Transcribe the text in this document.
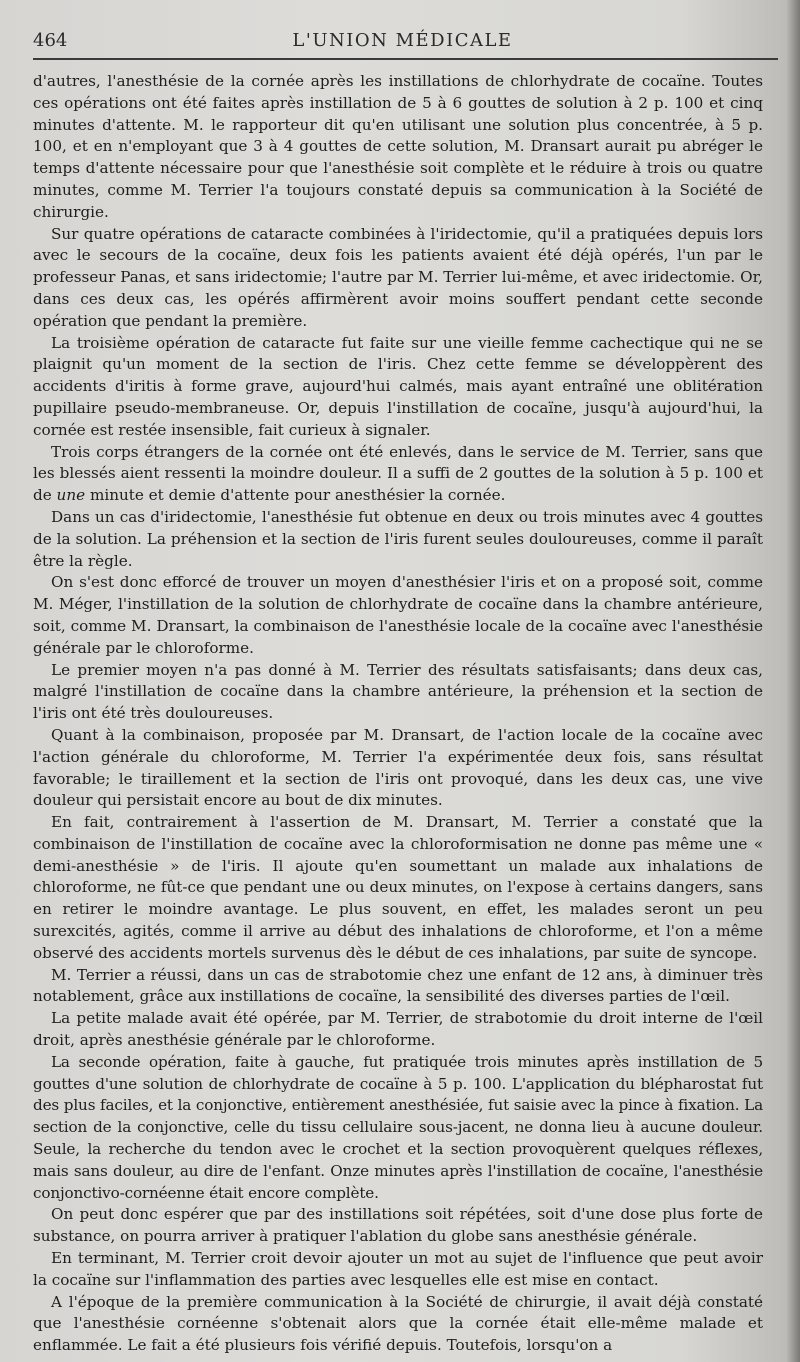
464	L'UNION MÉDICALE

d'autres, l'anesthésie de la cornée après les instillations de chlorhydrate de cocaïne. Toutes ces opérations ont été faites après instillation de 5 à 6 gouttes de solution à 2 p. 100 et cinq minutes d'attente. M. le rapporteur dit qu'en utilisant une solution plus concentrée, à 5 p. 100, et en n'employant que 3 à 4 gouttes de cette solution, M. Dransart aurait pu abréger le temps d'attente nécessaire pour que l'anesthésie soit complète et le réduire à trois ou quatre minutes, comme M. Terrier l'a toujours constaté depuis sa communication à la Société de chirurgie.

Sur quatre opérations de cataracte combinées à l'iridectomie, qu'il a pratiquées depuis lors avec le secours de la cocaïne, deux fois les patients avaient été déjà opérés, l'un par le professeur Panas, et sans iridectomie; l'autre par M. Terrier lui-même, et avec iridectomie. Or, dans ces deux cas, les opérés affirmèrent avoir moins souffert pendant cette seconde opération que pendant la première.

La troisième opération de cataracte fut faite sur une vieille femme cachectique qui ne se plaignit qu'un moment de la section de l'iris. Chez cette femme se développèrent des accidents d'iritis à forme grave, aujourd'hui calmés, mais ayant entraîné une oblitération pupillaire pseudo-membraneuse. Or, depuis l'instillation de cocaïne, jusqu'à aujourd'hui, la cornée est restée insensible, fait curieux à signaler.

Trois corps étrangers de la cornée ont été enlevés, dans le service de M. Terrier, sans que les blessés aient ressenti la moindre douleur. Il a suffi de 2 gouttes de la solution à 5 p. 100 et de une minute et demie d'attente pour anesthésier la cornée.

Dans un cas d'iridectomie, l'anesthésie fut obtenue en deux ou trois minutes avec 4 gouttes de la solution. La préhension et la section de l'iris furent seules douloureuses, comme il paraît être la règle.

On s'est donc efforcé de trouver un moyen d'anesthésier l'iris et on a proposé soit, comme M. Méger, l'instillation de la solution de chlorhydrate de cocaïne dans la chambre antérieure, soit, comme M. Dransart, la combinaison de l'anesthésie locale de la cocaïne avec l'anesthésie générale par le chloroforme.

Le premier moyen n'a pas donné à M. Terrier des résultats satisfaisants; dans deux cas, malgré l'instillation de cocaïne dans la chambre antérieure, la préhension et la section de l'iris ont été très douloureuses.

Quant à la combinaison, proposée par M. Dransart, de l'action locale de la cocaïne avec l'action générale du chloroforme, M. Terrier l'a expérimentée deux fois, sans résultat favorable; le tiraillement et la section de l'iris ont provoqué, dans les deux cas, une vive douleur qui persistait encore au bout de dix minutes.

En fait, contrairement à l'assertion de M. Dransart, M. Terrier a constaté que la combinaison de l'instillation de cocaïne avec la chloroformisation ne donne pas même une « demi-anesthésie » de l'iris. Il ajoute qu'en soumettant un malade aux inhalations de chloroforme, ne fût-ce que pendant une ou deux minutes, on l'expose à certains dangers, sans en retirer le moindre avantage. Le plus souvent, en effet, les malades seront un peu surexcités, agités, comme il arrive au début des inhalations de chloroforme, et l'on a même observé des accidents mortels survenus dès le début de ces inhalations, par suite de syncope.

M. Terrier a réussi, dans un cas de strabotomie chez une enfant de 12 ans, à diminuer très notablement, grâce aux instillations de cocaïne, la sensibilité des diverses parties de l'œil.

La petite malade avait été opérée, par M. Terrier, de strabotomie du droit interne de l'œil droit, après anesthésie générale par le chloroforme.

La seconde opération, faite à gauche, fut pratiquée trois minutes après instillation de 5 gouttes d'une solution de chlorhydrate de cocaïne à 5 p. 100. L'application du blépharostat fut des plus faciles, et la conjonctive, entièrement anesthésiée, fut saisie avec la pince à fixation. La section de la conjonctive, celle du tissu cellulaire sous-jacent, ne donna lieu à aucune douleur. Seule, la recherche du tendon avec le crochet et la section provoquèrent quelques réflexes, mais sans douleur, au dire de l'enfant. Onze minutes après l'instillation de cocaïne, l'anesthésie conjonctivo-cornéenne était encore complète.

On peut donc espérer que par des instillations soit répétées, soit d'une dose plus forte de substance, on pourra arriver à pratiquer l'ablation du globe sans anesthésie générale.

En terminant, M. Terrier croit devoir ajouter un mot au sujet de l'influence que peut avoir la cocaïne sur l'inflammation des parties avec lesquelles elle est mise en contact.

A l'époque de la première communication à la Société de chirurgie, il avait déjà constaté que l'anesthésie cornéenne s'obtenait alors que la cornée était elle-même malade et enflammée. Le fait a été plusieurs fois vérifié depuis. Toutefois, lorsqu'on a
